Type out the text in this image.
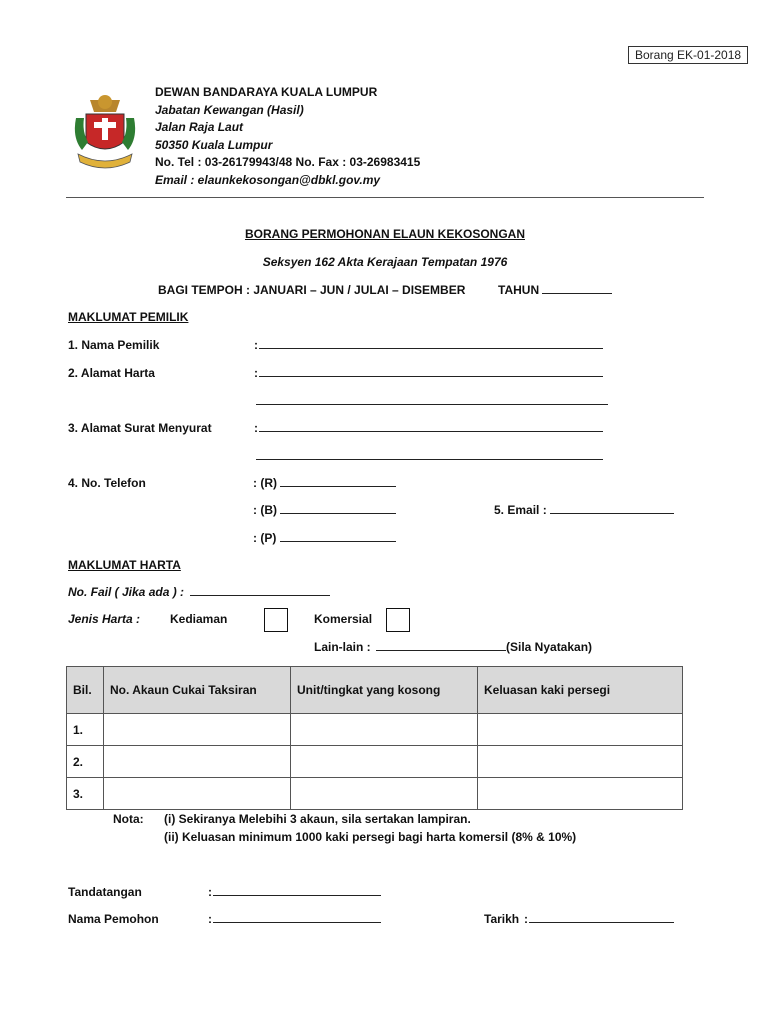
Borang EK-01-2018
DEWAN BANDARAYA KUALA LUMPUR
Jabatan Kewangan (Hasil)
Jalan Raja Laut
50350 Kuala Lumpur
No. Tel : 03-26179943/48 No. Fax : 03-26983415
Email : elaunkekosongan@dbkl.gov.my
BORANG PERMOHONAN ELAUN KEKOSONGAN
Seksyen 162 Akta Kerajaan Tempatan 1976
BAGI TEMPOH : JANUARI – JUN / JULAI – DISEMBER	TAHUN
MAKLUMAT PEMILIK
1. Nama Pemilik	:
2. Alamat Harta	:
3. Alamat Surat Menyurat	:
4. No. Telefon	: (R)
: (B)	5. Email :
: (P)
MAKLUMAT HARTA
No. Fail ( Jika ada ) :
Jenis Harta : Kediaman	Komersial
Lain-lain :	(Sila Nyatakan)
Bil.	No. Akaun Cukai Taksiran	Unit/tingkat yang kosong	Keluasan kaki persegi
1.			
2.			
3.			
Nota: (i) Sekiranya Melebihi 3 akaun, sila sertakan lampiran.
(ii) Keluasan minimum 1000 kaki persegi bagi harta komersil (8% & 10%)
Tandatangan	:
Nama Pemohon	:	Tarikh :
